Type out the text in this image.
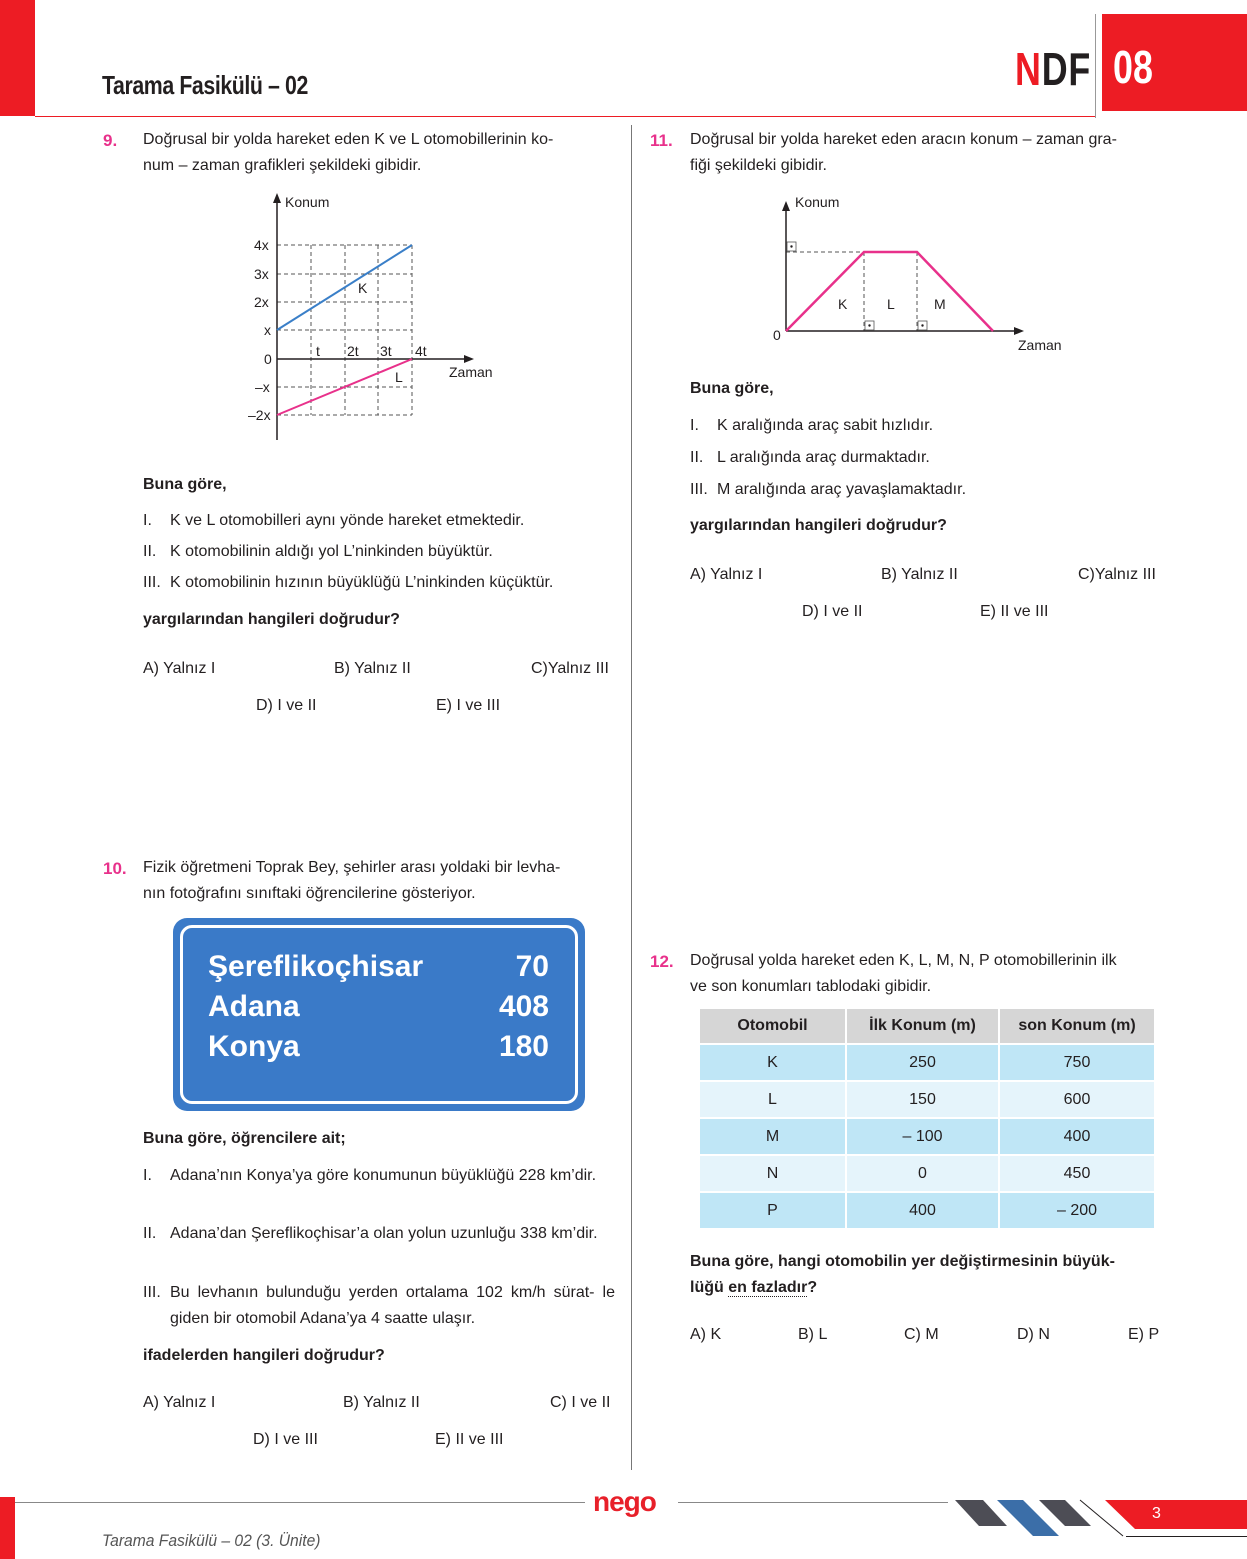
Tarama Fasikülü – 02	NDF 08
9. Doğrusal bir yolda hareket eden K ve L otomobillerinin ko-
num – zaman grafikleri şekildeki gibidir.
Konum
Zaman
4x
3x
2x
x
0
–x
–2x
t 2t 3t 4t
K
L
Buna göre,
I. K ve L otomobilleri aynı yönde hareket etmektedir.
II. K otomobilinin aldığı yol L’ninkinden büyüktür.
III. K otomobilinin hızının büyüklüğü L’ninkinden küçüktür.
yargılarından hangileri doğrudur?
A) Yalnız I	B) Yalnız II	C)Yalnız III
D) I ve II	E) I ve III
10. Fizik öğretmeni Toprak Bey, şehirler arası yoldaki bir levha-
nın fotoğrafını sınıftaki öğrencilerine gösteriyor.
Şereflikoçhisar	70
Adana	408
Konya	180
Buna göre, öğrencilere ait;
I. Adana’nın Konya’ya göre konumunun büyüklüğü 228 km’dir.
II. Adana’dan Şereflikoçhisar’a olan yolun uzunluğu 338 km’dir.
III. Bu levhanın bulunduğu yerden ortalama 102 km/h sürat- le giden bir otomobil Adana’ya 4 saatte ulaşır.
ifadelerden hangileri doğrudur?
A) Yalnız I	B) Yalnız II	C) I ve II
D) I ve III	E) II ve III
11. Doğrusal bir yolda hareket eden aracın konum – zaman gra-
fiği şekildeki gibidir.
Konum
Zaman
0
K	L	M
Buna göre,
I. K aralığında araç sabit hızlıdır.
II. L aralığında araç durmaktadır.
III. M aralığında araç yavaşlamaktadır.
yargılarından hangileri doğrudur?
A) Yalnız I	B) Yalnız II	C)Yalnız III
D) I ve II	E) II ve III
12. Doğrusal yolda hareket eden K, L, M, N, P otomobillerinin ilk
ve son konumları tablodaki gibidir.
Otomobil	İlk Konum (m)	son Konum (m)
K	250	750
L	150	600
M	– 100	400
N	0	450
P	400	– 200
Buna göre, hangi otomobilin yer değiştirmesinin büyük-
lüğü en fazladır?
A) K	B) L	C) M	D) N	E) P
Tarama Fasikülü – 02 (3. Ünite)
nego	3
